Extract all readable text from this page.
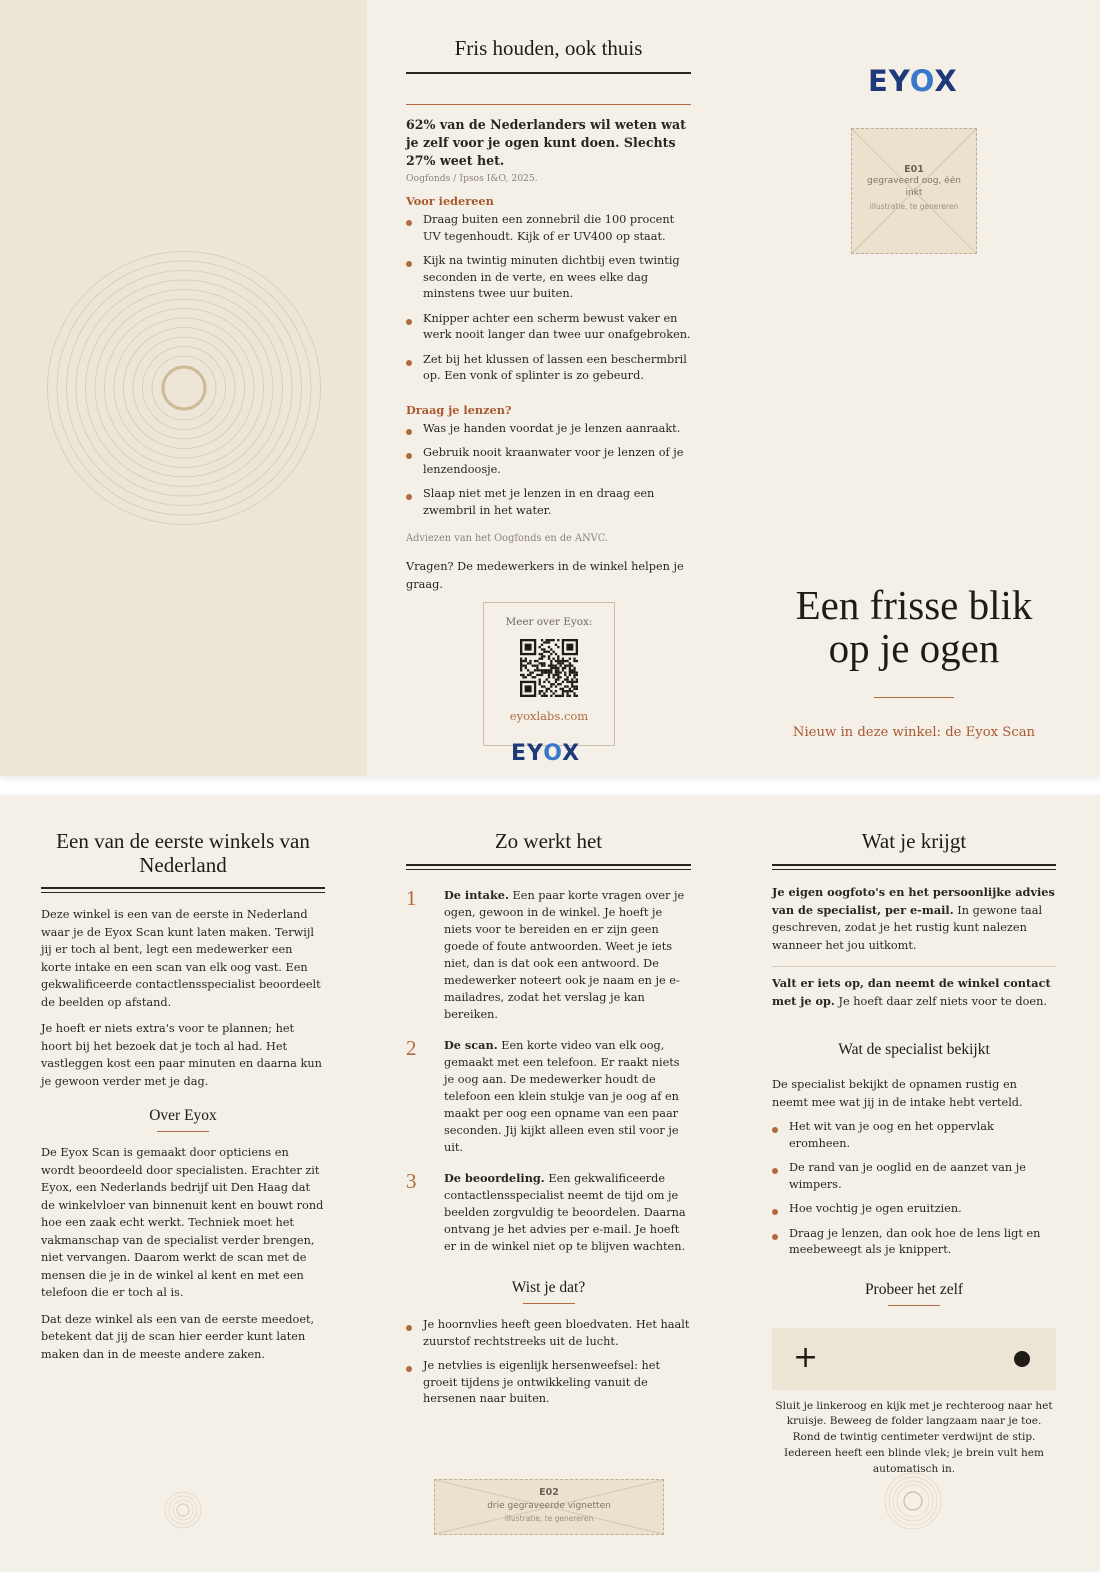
Fris houden, ook thuis

62% van de Nederlanders wil weten wat je zelf voor je ogen kunt doen. Slechts 27% weet het.

Oogfonds / Ipsos I&O, 2025.

Voor iedereen

Draag buiten een zonnebril die 100 procent UV tegenhoudt. Kijk of er UV400 op staat.
Kijk na twintig minuten dichtbij even twintig seconden in de verte, en wees elke dag minstens twee uur buiten.
Knipper achter een scherm bewust vaker en werk nooit langer dan twee uur onafgebroken.
Zet bij het klussen of lassen een beschermbril op. Een vonk of splinter is zo gebeurd.

Draag je lenzen?

Was je handen voordat je je lenzen aanraakt.
Gebruik nooit kraanwater voor je lenzen of je lenzendoosje.
Slaap niet met je lenzen in en draag een zwembril in het water.

Adviezen van het Oogfonds en de ANVC.

Vragen? De medewerkers in de winkel helpen je graag.

Meer over Eyox:

eyoxlabs.com

EYOX
EYOX

E01

gegraveerd oog, één inkt

illustratie, te genereren

Een frisse blik
op je ogen

Nieuw in deze winkel: de Eyox Scan

Een van de eerste winkels van Nederland

Deze winkel is een van de eerste in Nederland waar je de Eyox Scan kunt laten maken. Terwijl jij er toch al bent, legt een medewerker een korte intake en een scan van elk oog vast. Een gekwalificeerde contactlensspecialist beoordeelt de beelden op afstand.

Je hoeft er niets extra's voor te plannen; het hoort bij het bezoek dat je toch al had. Het vastleggen kost een paar minuten en daarna kun je gewoon verder met je dag.

Over Eyox

De Eyox Scan is gemaakt door opticiens en wordt beoordeeld door specialisten. Erachter zit Eyox, een Nederlands bedrijf uit Den Haag dat de winkelvloer van binnenuit kent en bouwt rond hoe een zaak echt werkt. Techniek moet het vakmanschap van de specialist verder brengen, niet vervangen. Daarom werkt de scan met de mensen die je in de winkel al kent en met een telefoon die er toch al is.

Dat deze winkel als een van de eerste meedoet, betekent dat jij de scan hier eerder kunt laten maken dan in de meeste andere zaken.

Zo werkt het
1 De intake. Een paar korte vragen over je ogen, gewoon in de winkel. Je hoeft je niets voor te bereiden en er zijn geen goede of foute antwoorden. Weet je iets niet, dan is dat ook een antwoord. De medewerker noteert ook je naam en je e-mailadres, zodat het verslag je kan bereiken.

2 De scan. Een korte video van elk oog, gemaakt met een telefoon. Er raakt niets je oog aan. De medewerker houdt de telefoon een klein stukje van je oog af en maakt per oog een opname van een paar seconden. Jij kijkt alleen even stil voor je uit.

3 De beoordeling. Een gekwalificeerde contactlensspecialist neemt de tijd om je beelden zorgvuldig te beoordelen. Daarna ontvang je het advies per e-mail. Je hoeft er in de winkel niet op te blijven wachten.

Wist je dat?

Je hoornvlies heeft geen bloedvaten. Het haalt zuurstof rechtstreeks uit de lucht.
Je netvlies is eigenlijk hersenweefsel: het groeit tijdens je ontwikkeling vanuit de hersenen naar buiten.
Wat je krijgt

Je eigen oogfoto's en het persoonlijke advies van de specialist, per e-mail. In gewone taal geschreven, zodat je het rustig kunt nalezen wanneer het jou uitkomt.

Valt er iets op, dan neemt de winkel contact met je op. Je hoeft daar zelf niets voor te doen.

Wat de specialist bekijkt

De specialist bekijkt de opnamen rustig en neemt mee wat jij in de intake hebt verteld.

Het wit van je oog en het oppervlak eromheen.
De rand van je ooglid en de aanzet van je wimpers.
Hoe vochtig je ogen eruitzien.
Draag je lenzen, dan ook hoe de lens ligt en meebeweegt als je knippert.

Probeer het zelf

+

Sluit je linkeroog en kijk met je rechteroog naar het kruisje. Beweeg de folder langzaam naar je toe. Rond de twintig centimeter verdwijnt de stip. Iedereen heeft een blinde vlek; je brein vult hem automatisch in.

E02

drie gegraveerde vignetten

illustratie, te genereren
